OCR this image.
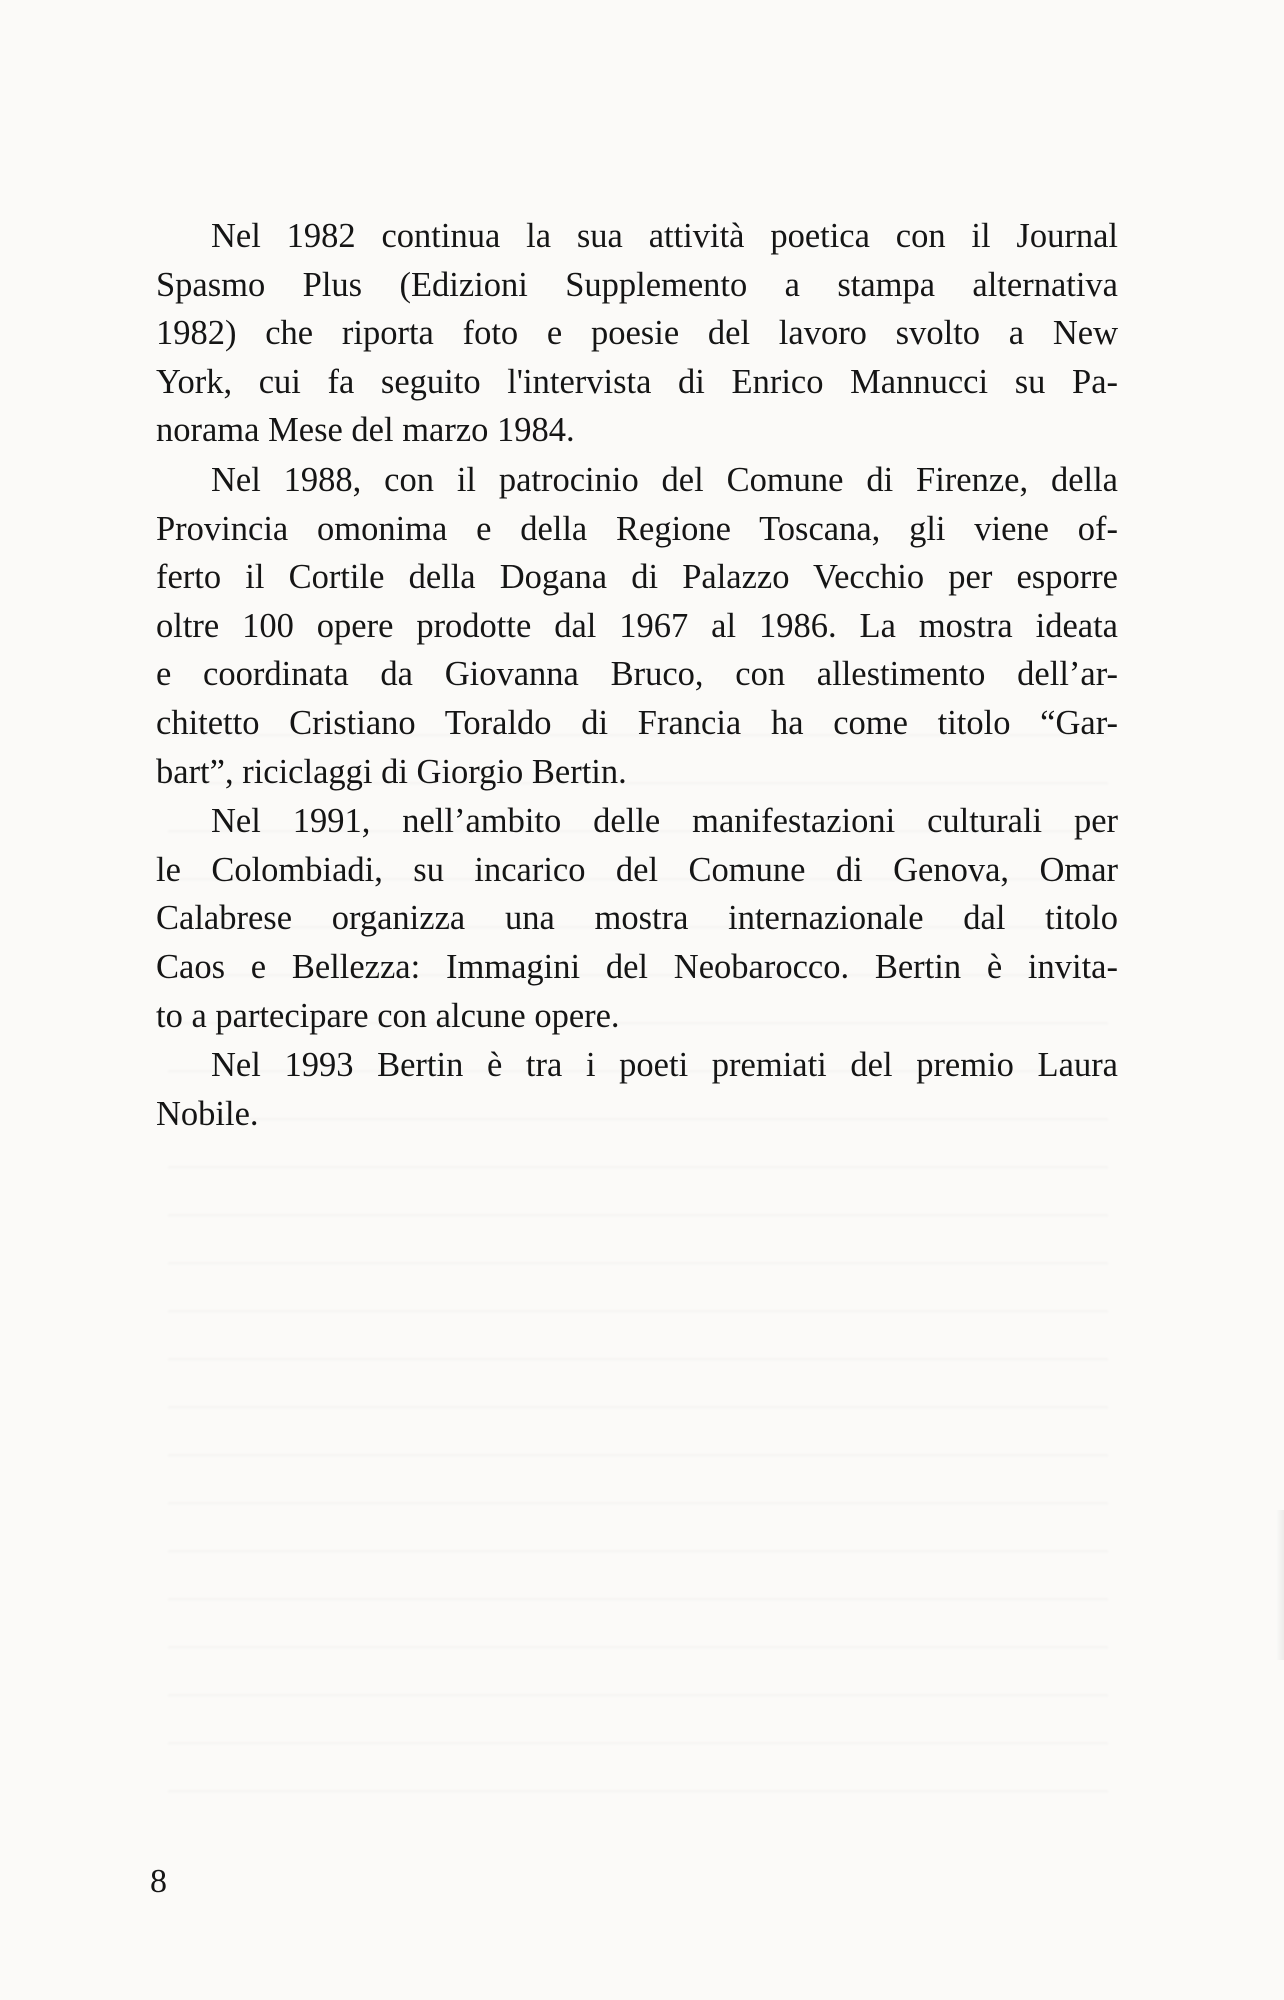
Nel 1982 continua la sua attività poetica con il Journal
Spasmo Plus (Edizioni Supplemento a stampa alternativa
1982) che riporta foto e poesie del lavoro svolto a New
York, cui fa seguito l'intervista di Enrico Mannucci su Pa-
norama Mese del marzo 1984.
Nel 1988, con il patrocinio del Comune di Firenze, della
Provincia omonima e della Regione Toscana, gli viene of-
ferto il Cortile della Dogana di Palazzo Vecchio per esporre
oltre 100 opere prodotte dal 1967 al 1986. La mostra ideata
e coordinata da Giovanna Bruco, con allestimento dell’ar-
chitetto Cristiano Toraldo di Francia ha come titolo “Gar-
bart”, riciclaggi di Giorgio Bertin.
Nel 1991, nell’ambito delle manifestazioni culturali per
le Colombiadi, su incarico del Comune di Genova, Omar
Calabrese organizza una mostra internazionale dal titolo
Caos e Bellezza: Immagini del Neobarocco. Bertin è invita-
to a partecipare con alcune opere.
Nel 1993 Bertin è tra i poeti premiati del premio Laura
Nobile.
8
